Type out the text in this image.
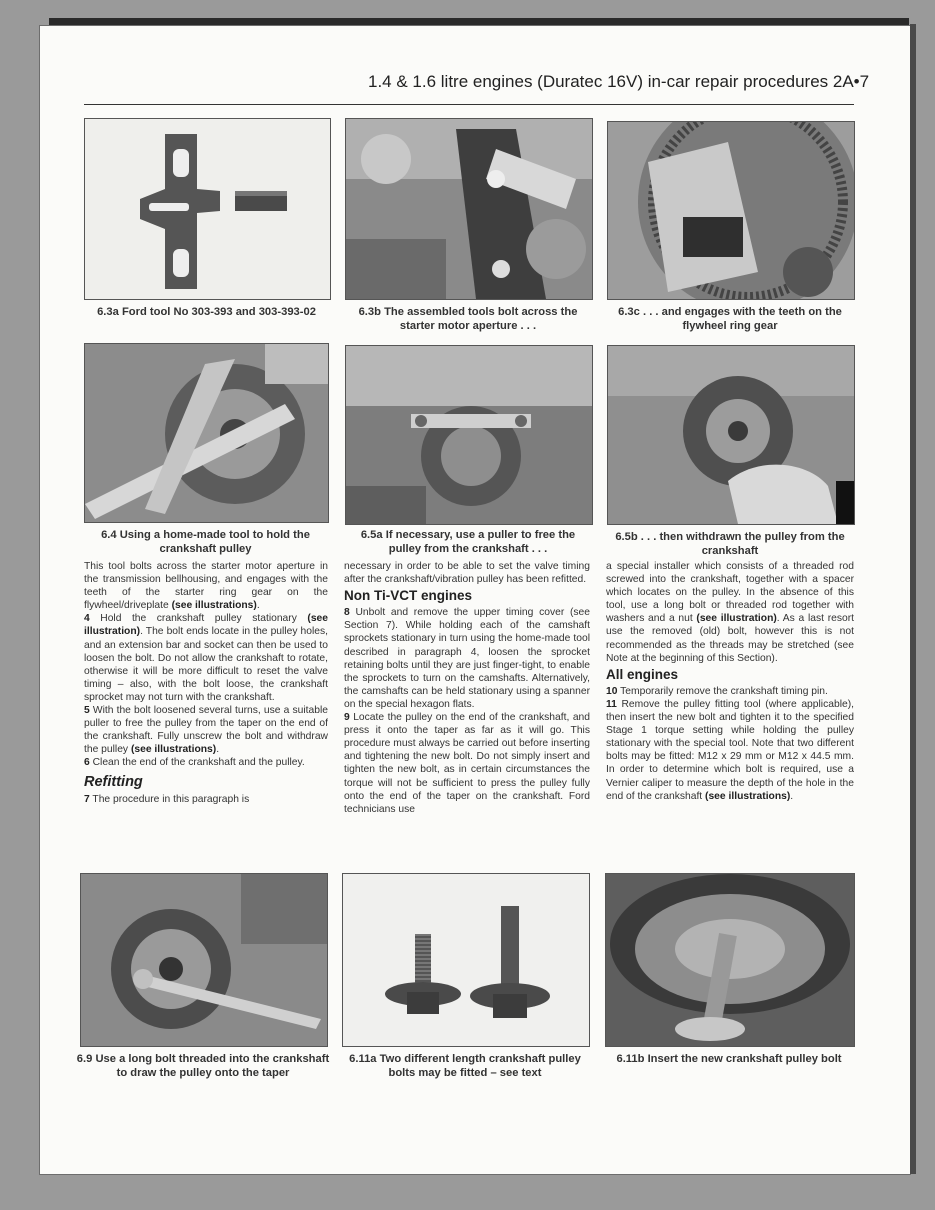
1.4 & 1.6 litre engines (Duratec 16V) in-car repair procedures 2A•7
6.3a Ford tool No 303-393 and 303-393-02	6.3b The assembled tools bolt across the starter motor aperture . . .
6.3c . . . and engages with the teeth on the flywheel ring gear
6.4 Using a home-made tool to hold the crankshaft pulley
6.5a If necessary, use a puller to free the pulley from the crankshaft . . .
6.5b . . . then withdrawn the pulley from the crankshaft

This tool bolts across the starter motor aperture in the transmission bellhousing, and engages with the teeth of the starter ring gear on the flywheel/driveplate (see illustrations).

4 Hold the crankshaft pulley stationary (see illustration). The bolt ends locate in the pulley holes, and an extension bar and socket can then be used to loosen the bolt. Do not allow the crankshaft to rotate, otherwise it will be more difficult to reset the valve timing – also, with the bolt loose, the crankshaft sprocket may not turn with the crankshaft.

5 With the bolt loosened several turns, use a suitable puller to free the pulley from the taper on the end of the crankshaft. Fully unscrew the bolt and withdraw the pulley (see illustrations).

6 Clean the end of the crankshaft and the pulley.

Refitting

7 The procedure in this paragraph is

necessary in order to be able to set the valve timing after the crankshaft/vibration pulley has been refitted.

Non Ti-VCT engines

8 Unbolt and remove the upper timing cover (see Section 7). While holding each of the camshaft sprockets stationary in turn using the home-made tool described in paragraph 4, loosen the sprocket retaining bolts until they are just finger-tight, to enable the sprockets to turn on the camshafts. Alternatively, the camshafts can be held stationary using a spanner on the special hexagon flats.

9 Locate the pulley on the end of the crankshaft, and press it onto the taper as far as it will go. This procedure must always be carried out before inserting and tightening the new bolt. Do not simply insert and tighten the new bolt, as in certain circumstances the torque will not be sufficient to press the pulley fully onto the end of the taper on the crankshaft. Ford technicians use

a special installer which consists of a threaded rod screwed into the crankshaft, together with a spacer which locates on the pulley. In the absence of this tool, use a long bolt or threaded rod together with washers and a nut (see illustration). As a last resort use the removed (old) bolt, however this is not recommended as the threads may be stretched (see Note at the beginning of this Section).

All engines

10 Temporarily remove the crankshaft timing pin.

11 Remove the pulley fitting tool (where applicable), then insert the new bolt and tighten it to the specified Stage 1 torque setting while holding the pulley stationary with the special tool. Note that two different bolts may be fitted: M12 x 29 mm or M12 x 44.5 mm. In order to determine which bolt is required, use a Vernier caliper to measure the depth of the hole in the end of the crankshaft (see illustrations).

6.9 Use a long bolt threaded into the crankshaft to draw the pulley onto the taper
6.11a Two different length crankshaft pulley bolts may be fitted – see text
6.11b Insert the new crankshaft pulley bolt
